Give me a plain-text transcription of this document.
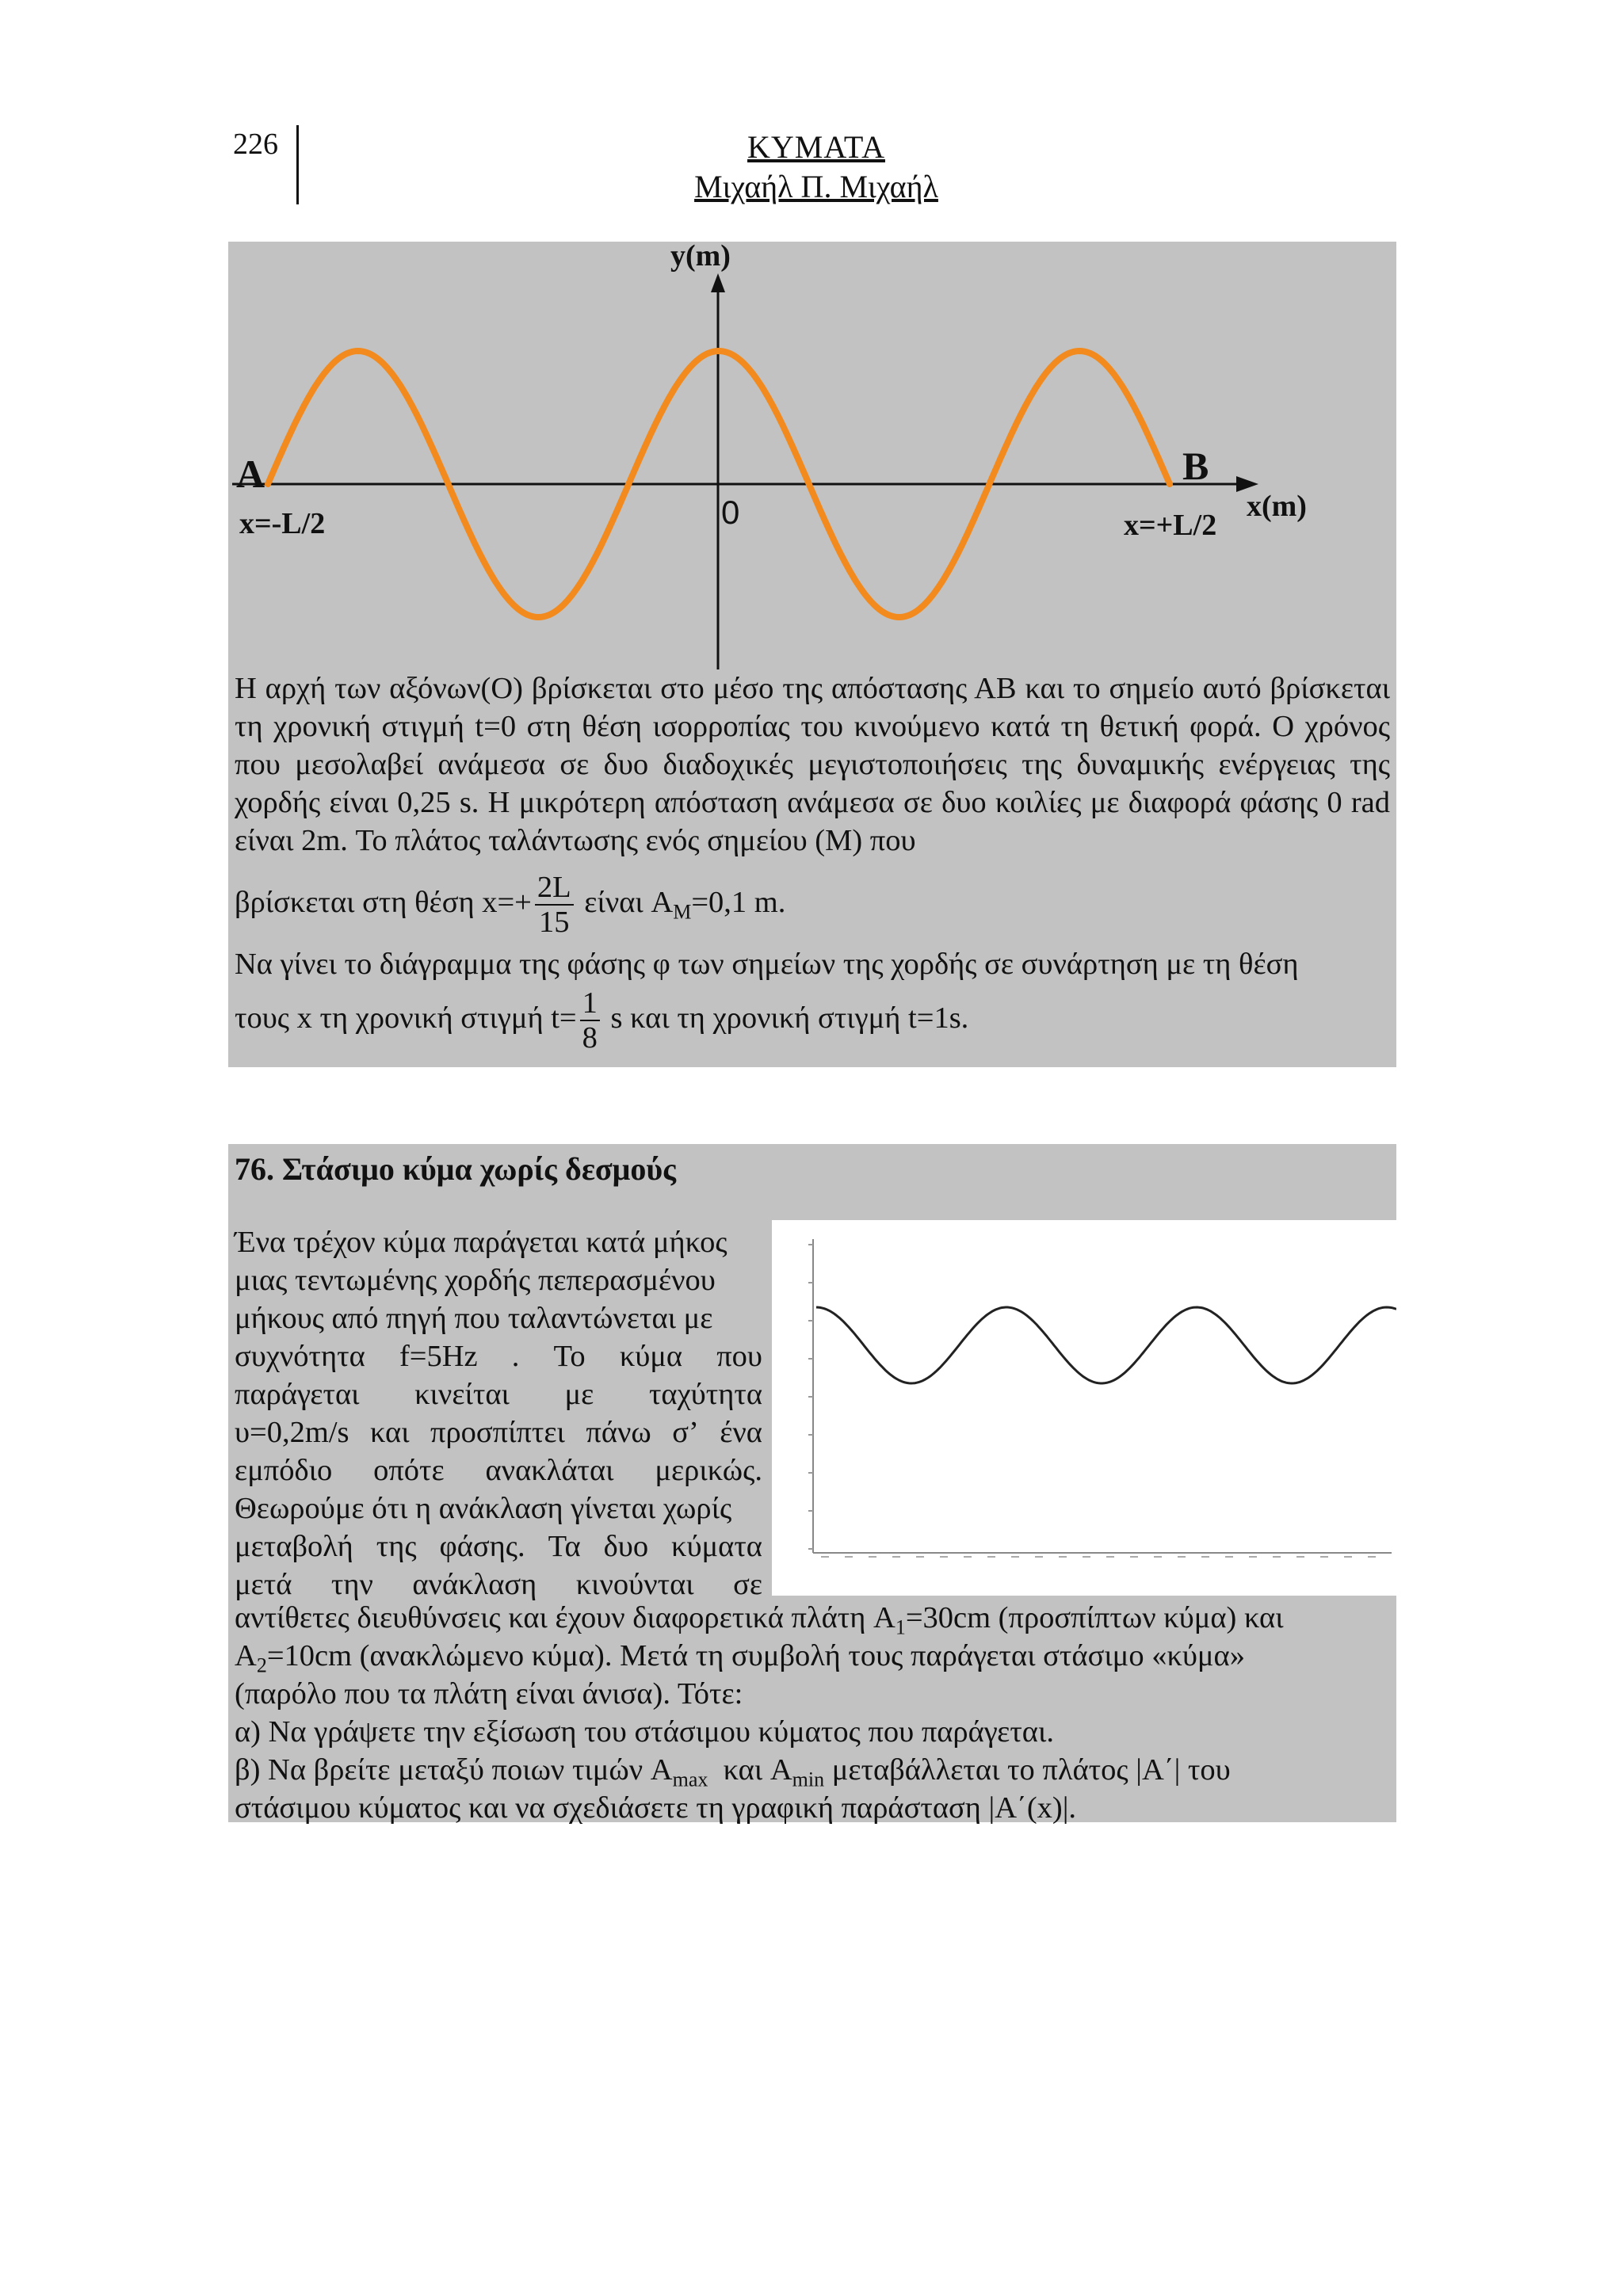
226	ΚΥΜΑΤΑ
Μιχαήλ Π. Μιχαήλ
y(m)
x(m)
0
A	B
x=-L/2	x=+L/2

Η αρχή των αξόνων(Ο) βρίσκεται στο μέσο της απόστασης ΑΒ και το σημείο αυτό βρίσκεται τη χρονική στιγμή t=0 στη θέση ισορροπίας του κινούμενο κατά τη θετική φορά. Ο χρόνος που μεσολαβεί ανάμεσα σε δυο διαδοχικές μεγιστοποιήσεις της δυναμικής ενέργειας της χορδής είναι 0,25 s. Η μικρότερη απόσταση ανάμεσα σε δυο κοιλίες με διαφορά φάσης 0 rad είναι 2m. Το πλάτος ταλάντωσης ενός σημείου (Μ) που

βρίσκεται στη θέση $x=+ \frac{2L}{15}$ είναι $A_M=0,1$ m.

Να γίνει το διάγραμμα της φάσης φ των σημείων της χορδής σε συνάρτηση με τη θέση

τους x τη χρονική στιγμή $t= \frac{1}{8}$ s και τη χρονική στιγμή t=1s.

76. Στάσιμο κύμα χωρίς δεσμούς
Ένα τρέχον κύμα παράγεται κατά μήκος
μιας τεντωμένης χορδής πεπερασμένου
μήκους από πηγή που ταλαντώνεται με
συχνότητα f=5Hz . Το κύμα που
παράγεται κινείται με ταχύτητα
υ=0,2m/s και προσπίπτει πάνω σ’ ένα
εμπόδιο οπότε ανακλάται μερικώς.
Θεωρούμε ότι η ανάκλαση γίνεται χωρίς
μεταβολή της φάσης. Τα δυο κύματα
μετά την ανάκλαση κινούνται σε
αντίθετες διευθύνσεις και έχουν διαφορετικά πλάτη $A_1=30cm$ (προσπίπτων κύμα) και
$A_2=10cm$ (ανακλώμενο κύμα). Μετά τη συμβολή τους παράγεται στάσιμο «κύμα»
(παρόλο που τα πλάτη είναι άνισα). Τότε:
α) Να γράψετε την εξίσωση του στάσιμου κύματος που παράγεται.
β) Να βρείτε μεταξύ ποιων τιμών $A_{max}$ και $A_{min}$ μεταβάλλεται το πλάτος |A΄| του
στάσιμου κύματος και να σχεδιάσετε τη γραφική παράσταση |A΄(x)|.
